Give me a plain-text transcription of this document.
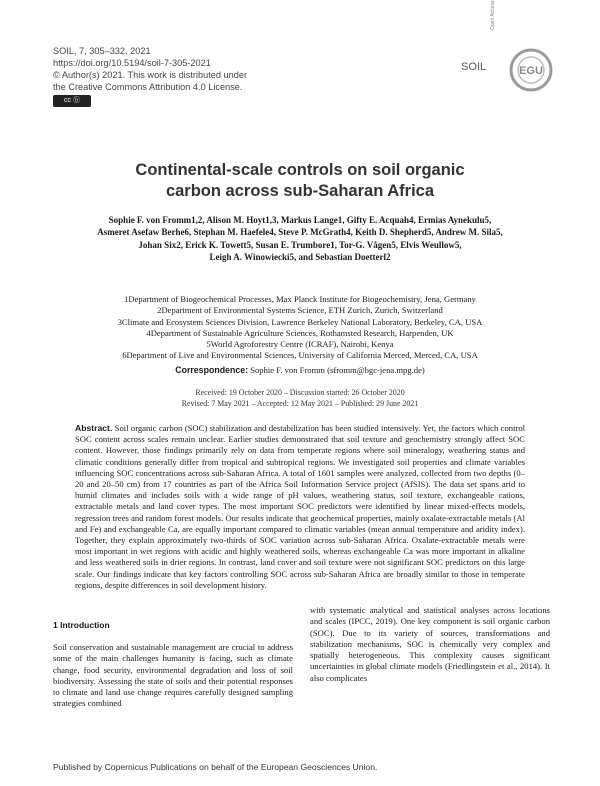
SOIL, 7, 305–332, 2021
https://doi.org/10.5194/soil-7-305-2021
© Author(s) 2021. This work is distributed under
the Creative Commons Attribution 4.0 License.
cc ⓑ
EGU
SOIL
Open Access
Continental-scale controls on soil organic
carbon across sub-Saharan Africa
Sophie F. von Fromm1,2, Alison M. Hoyt1,3, Markus Lange1, Gifty E. Acquah4, Ermias Aynekulu5,
Asmeret Asefaw Berhe6, Stephan M. Haefele4, Steve P. McGrath4, Keith D. Shepherd5, Andrew M. Sila5,
Johan Six2, Erick K. Towett5, Susan E. Trumbore1, Tor-G. Vågen5, Elvis Weullow5,
Leigh A. Winowiecki5, and Sebastian Doetterl2
1Department of Biogeochemical Processes, Max Planck Institute for Biogeochemistry, Jena, Germany
2Department of Environmental Systems Science, ETH Zurich, Zurich, Switzerland
3Climate and Ecosystem Sciences Division, Lawrence Berkeley National Laboratory, Berkeley, CA, USA
4Department of Sustainable Agriculture Sciences, Rothamsted Research, Harpenden, UK
5World Agroforestry Centre (ICRAF), Nairobi, Kenya
6Department of Live and Environmental Sciences, University of California Merced, Merced, CA, USA
Correspondence: Sophie F. von Fromm (sfromm@bgc-jena.mpg.de)
Received: 19 October 2020 – Discussion started: 26 October 2020
Revised: 7 May 2021 – Accepted: 12 May 2021 – Published: 29 June 2021
Abstract. Soil organic carbon (SOC) stabilization and destabilization has been studied intensively. Yet, the factors which control SOC content across scales remain unclear. Earlier studies demonstrated that soil texture and geochemistry strongly affect SOC content. However, those findings primarily rely on data from temperate regions where soil mineralogy, weathering status and climatic conditions generally differ from tropical and subtropical regions. We investigated soil properties and climate variables influencing SOC concentrations across sub-Saharan Africa. A total of 1601 samples were analyzed, collected from two depths (0–20 and 20–50 cm) from 17 countries as part of the Africa Soil Information Service project (AfSIS). The data set spans arid to humid climates and includes soils with a wide range of pH values, weathering status, soil texture, exchangeable cations, extractable metals and land cover types. The most important SOC predictors were identified by linear mixed-effects models, regression trees and random forest models. Our results indicate that geochemical properties, mainly oxalate-extractable metals (Al and Fe) and exchangeable Ca, are equally important compared to climatic variables (mean annual temperature and aridity index). Together, they explain approximately two-thirds of SOC variation across sub-Saharan Africa. Oxalate-extractable metals were most important in wet regions with acidic and highly weathered soils, whereas exchangeable Ca was more important in alkaline and less weathered soils in drier regions. In contrast, land cover and soil texture were not significant SOC predictors on this large scale. Our findings indicate that key factors controlling SOC across sub-Saharan Africa are broadly similar to those in temperate regions, despite differences in soil development history.
1 Introduction
Soil conservation and sustainable management are crucial to address some of the main challenges humanity is facing, such as climate change, food security, environmental degradation and loss of soil biodiversity. Assessing the state of soils and their potential responses to climate and land use change requires carefully designed sampling strategies combined
with systematic analytical and statistical analyses across locations and scales (IPCC, 2019). One key component is soil organic carbon (SOC). Due to its variety of sources, transformations and stabilization mechanisms, SOC is chemically very complex and spatially heterogeneous. This complexity causes significant uncertainties in global climate models (Friedlingstein et al., 2014). It also complicates
Published by Copernicus Publications on behalf of the European Geosciences Union.
